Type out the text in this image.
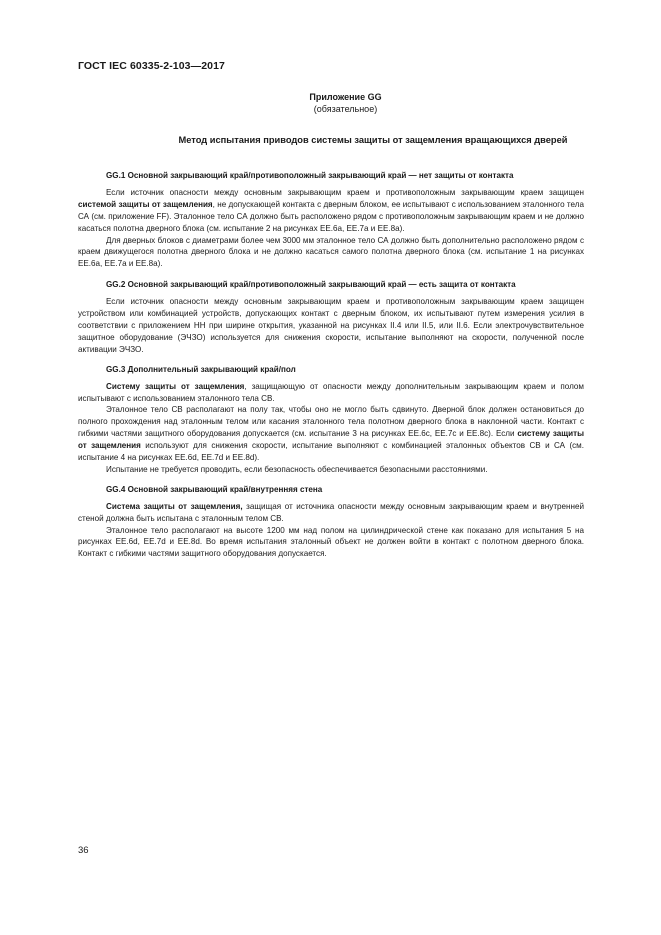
ГОСТ IEC 60335-2-103—2017
Приложение GG
(обязательное)
Метод испытания приводов системы защиты от защемления вращающихся дверей

GG.1 Основной закрывающий край/противоположный закрывающий край — нет защиты от контакта

Если источник опасности между основным закрывающим краем и противоположным закрывающим краем защищен системой защиты от защемления, не допускающей контакта с дверным блоком, ее испытывают с использованием эталонного тела СА (см. приложение FF). Эталонное тело СА должно быть расположено рядом с противоположным закрывающим краем и не должно касаться полотна дверного блока (см. испытание 2 на рисунках ЕЕ.6а, ЕЕ.7а и ЕЕ.8а).

Для дверных блоков с диаметрами более чем 3000 мм эталонное тело СА должно быть дополнительно расположено рядом с краем движущегося полотна дверного блока и не должно касаться самого полотна дверного блока (см. испытание 1 на рисунках ЕЕ.6а, ЕЕ.7а и ЕЕ.8а).

GG.2 Основной закрывающий край/противоположный закрывающий край — есть защита от контакта

Если источник опасности между основным закрывающим краем и противоположным закрывающим краем защищен устройством или комбинацией устройств, допускающих контакт с дверным блоком, их испытывают путем измерения усилия в соответствии с приложением НН при ширине открытия, указанной на рисунках II.4 или II.5, или II.6. Если электрочувствительное защитное оборудование (ЭЧЗО) используется для снижения скорости, испытание выполняют на скорости, полученной после активации ЭЧЗО.

GG.3 Дополнительный закрывающий край/пол

Систему защиты от защемления, защищающую от опасности между дополнительным закрывающим краем и полом испытывают с использованием эталонного тела СВ.

Эталонное тело СВ располагают на полу так, чтобы оно не могло быть сдвинуто. Дверной блок должен остановиться до полного прохождения над эталонным телом или касания эталонного тела полотном дверного блока в наклонной части. Контакт с гибкими частями защитного оборудования допускается (см. испытание 3 на рисунках ЕЕ.6с, ЕЕ.7с и ЕЕ.8с). Если систему защиты от защемления используют для снижения скорости, испытание выполняют с комбинацией эталонных объектов СВ и СА (см. испытание 4 на рисунках ЕЕ.6d, ЕЕ.7d и ЕЕ.8d).

Испытание не требуется проводить, если безопасность обеспечивается безопасными расстояниями.

GG.4 Основной закрывающий край/внутренняя стена

Система защиты от защемления, защищая от источника опасности между основным закрывающим краем и внутренней стеной должна быть испытана с эталонным телом СВ.

Эталонное тело располагают на высоте 1200 мм над полом на цилиндрической стене как показано для испытания 5 на рисунках ЕЕ.6d, ЕЕ.7d и ЕЕ.8d. Во время испытания эталонный объект не должен войти в контакт с полотном дверного блока. Контакт с гибкими частями защитного оборудования допускается.

36
